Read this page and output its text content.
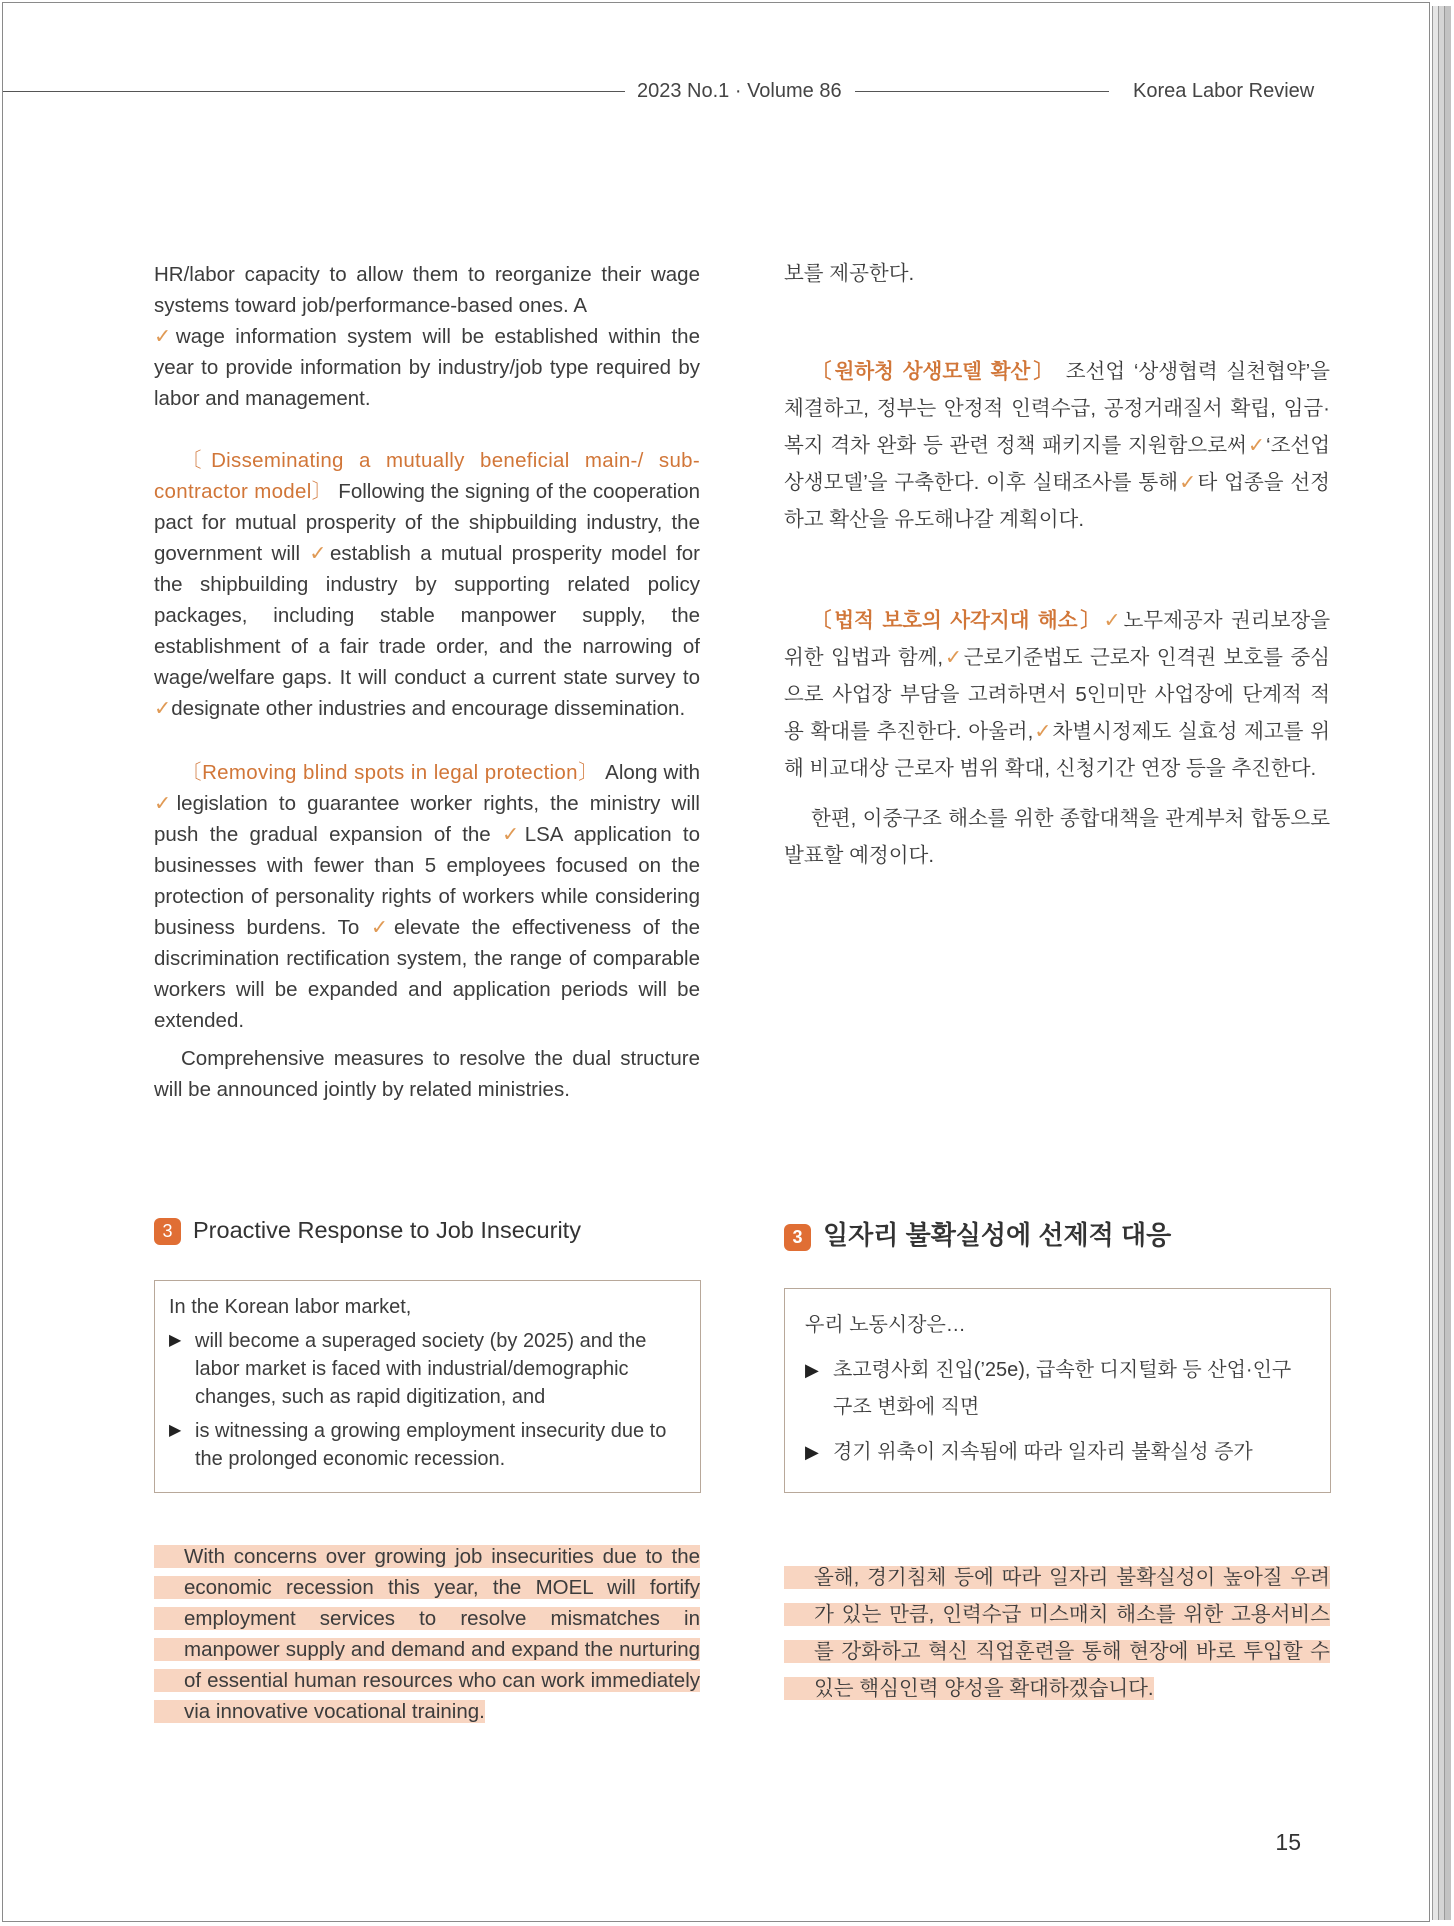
2023 No.1 · Volume 86	Korea Labor Review

HR/labor capacity to allow them to reorganize their wage systems toward job/performance-based ones. A
✓wage information system will be established within the year to provide information by industry/job type required by labor and management.

〔Disseminating a mutually beneficial main-/ sub-contractor model〕 Following the signing of the cooperation pact for mutual prosperity of the shipbuilding industry, the government will ✓establish a mutual prosperity model for the shipbuilding industry by supporting related policy packages, including stable manpower supply, the establishment of a fair trade order, and the narrowing of wage/welfare gaps. It will conduct a current state survey to ✓designate other industries and encourage dissemination.

〔Removing blind spots in legal protection〕 Along with ✓legislation to guarantee worker rights, the ministry will push the gradual expansion of the ✓LSA application to businesses with fewer than 5 employees focused on the protection of personality rights of workers while considering business burdens. To ✓elevate the effectiveness of the discrimination rectification system, the range of comparable workers will be expanded and application periods will be extended.

Comprehensive measures to resolve the dual structure will be announced jointly by related ministries.

보를 제공한다.

〔원하청 상생모델 확산〕 조선업 ‘상생협력 실천협약’을 체결하고, 정부는 안정적 인력수급, 공정거래질서 확립, 임금·복지 격차 완화 등 관련 정책 패키지를 지원함으로써✓‘조선업 상생모델’을 구축한다. 이후 실태조사를 통해✓타 업종을 선정하고 확산을 유도해나갈 계획이다.

〔법적 보호의 사각지대 해소〕✓노무제공자 권리보장을 위한 입법과 함께,✓근로기준법도 근로자 인격권 보호를 중심으로 사업장 부담을 고려하면서 5인미만 사업장에 단계적 적용 확대를 추진한다. 아울러,✓차별시정제도 실효성 제고를 위해 비교대상 근로자 범위 확대, 신청기간 연장 등을 추진한다.

한편, 이중구조 해소를 위한 종합대책을 관계부처 합동으로 발표할 예정이다.

3 Proactive Response to Job Insecurity	3 일자리 불확실성에 선제적 대응
In the Korean labor market,
▶ will become a superaged society (by 2025) and the labor market is faced with industrial/demographic changes, such as rapid digitization, and
▶ is witnessing a growing employment insecurity due to the prolonged economic recession.
우리 노동시장은…
▶ 초고령사회 진입(’25e), 급속한 디지털화 등 산업·인구구조 변화에 직면
▶ 경기 위축이 지속됨에 따라 일자리 불확실성 증가
With concerns over growing job insecurities due to the economic recession this year, the MOEL will fortify employment services to resolve mismatches in manpower supply and demand and expand the nurturing of essential human resources who can work immediately via innovative vocational training.
올해, 경기침체 등에 따라 일자리 불확실성이 높아질 우려가 있는 만큼, 인력수급 미스매치 해소를 위한 고용서비스를 강화하고 혁신 직업훈련을 통해 현장에 바로 투입할 수 있는 핵심인력 양성을 확대하겠습니다.
15
